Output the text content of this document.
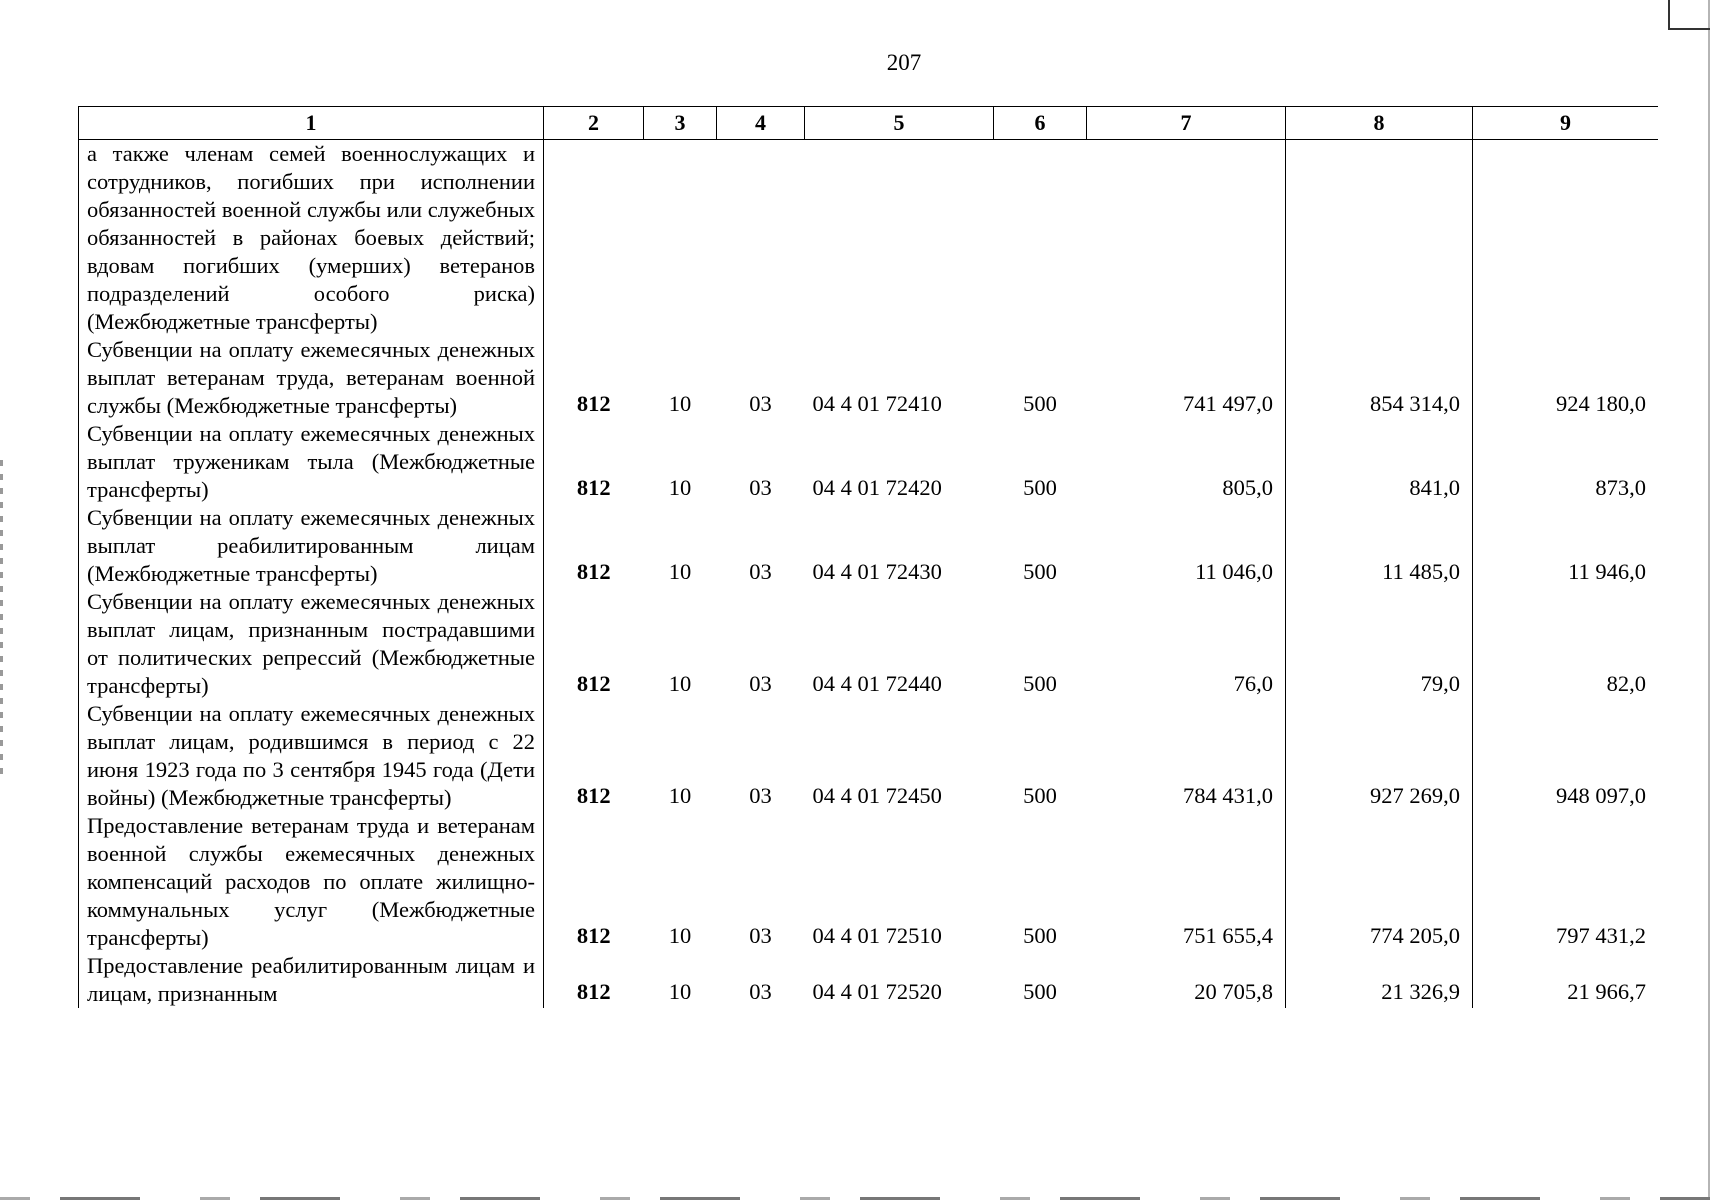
207
1	2	3	4	5	6	7	8	9
а также членам семей военнослужащих и сотрудников, погибших при исполнении обязанностей военной службы или служебных обязанностей в районах боевых действий; вдовам погибших (умерших) ветеранов подразделений особого риска) (Межбюджетные трансферты)								
Субвенции на оплату ежемесячных денежных выплат ветеранам труда, ветеранам военной службы (Межбюджетные трансферты)	812	10	03	04 4 01 72410	500	741 497,0	854 314,0	924 180,0
Субвенции на оплату ежемесячных денежных выплат труженикам тыла (Межбюджетные трансферты)	812	10	03	04 4 01 72420	500	805,0	841,0	873,0
Субвенции на оплату ежемесячных денежных выплат реабилитированным лицам (Межбюджетные трансферты)	812	10	03	04 4 01 72430	500	11 046,0	11 485,0	11 946,0
Субвенции на оплату ежемесячных денежных выплат лицам, признанным пострадавшими от политических репрессий (Межбюджетные трансферты)	812	10	03	04 4 01 72440	500	76,0	79,0	82,0
Субвенции на оплату ежемесячных денежных выплат лицам, родившимся в период с 22 июня 1923 года по 3 сентября 1945 года (Дети войны) (Межбюджетные трансферты)	812	10	03	04 4 01 72450	500	784 431,0	927 269,0	948 097,0
Предоставление ветеранам труда и ветеранам военной службы ежемесячных денежных компенсаций расходов по оплате жилищно-коммунальных услуг (Межбюджетные трансферты)	812	10	03	04 4 01 72510	500	751 655,4	774 205,0	797 431,2
Предоставление реабилитированным лицам и лицам, признанным	812	10	03	04 4 01 72520	500	20 705,8	21 326,9	21 966,7
